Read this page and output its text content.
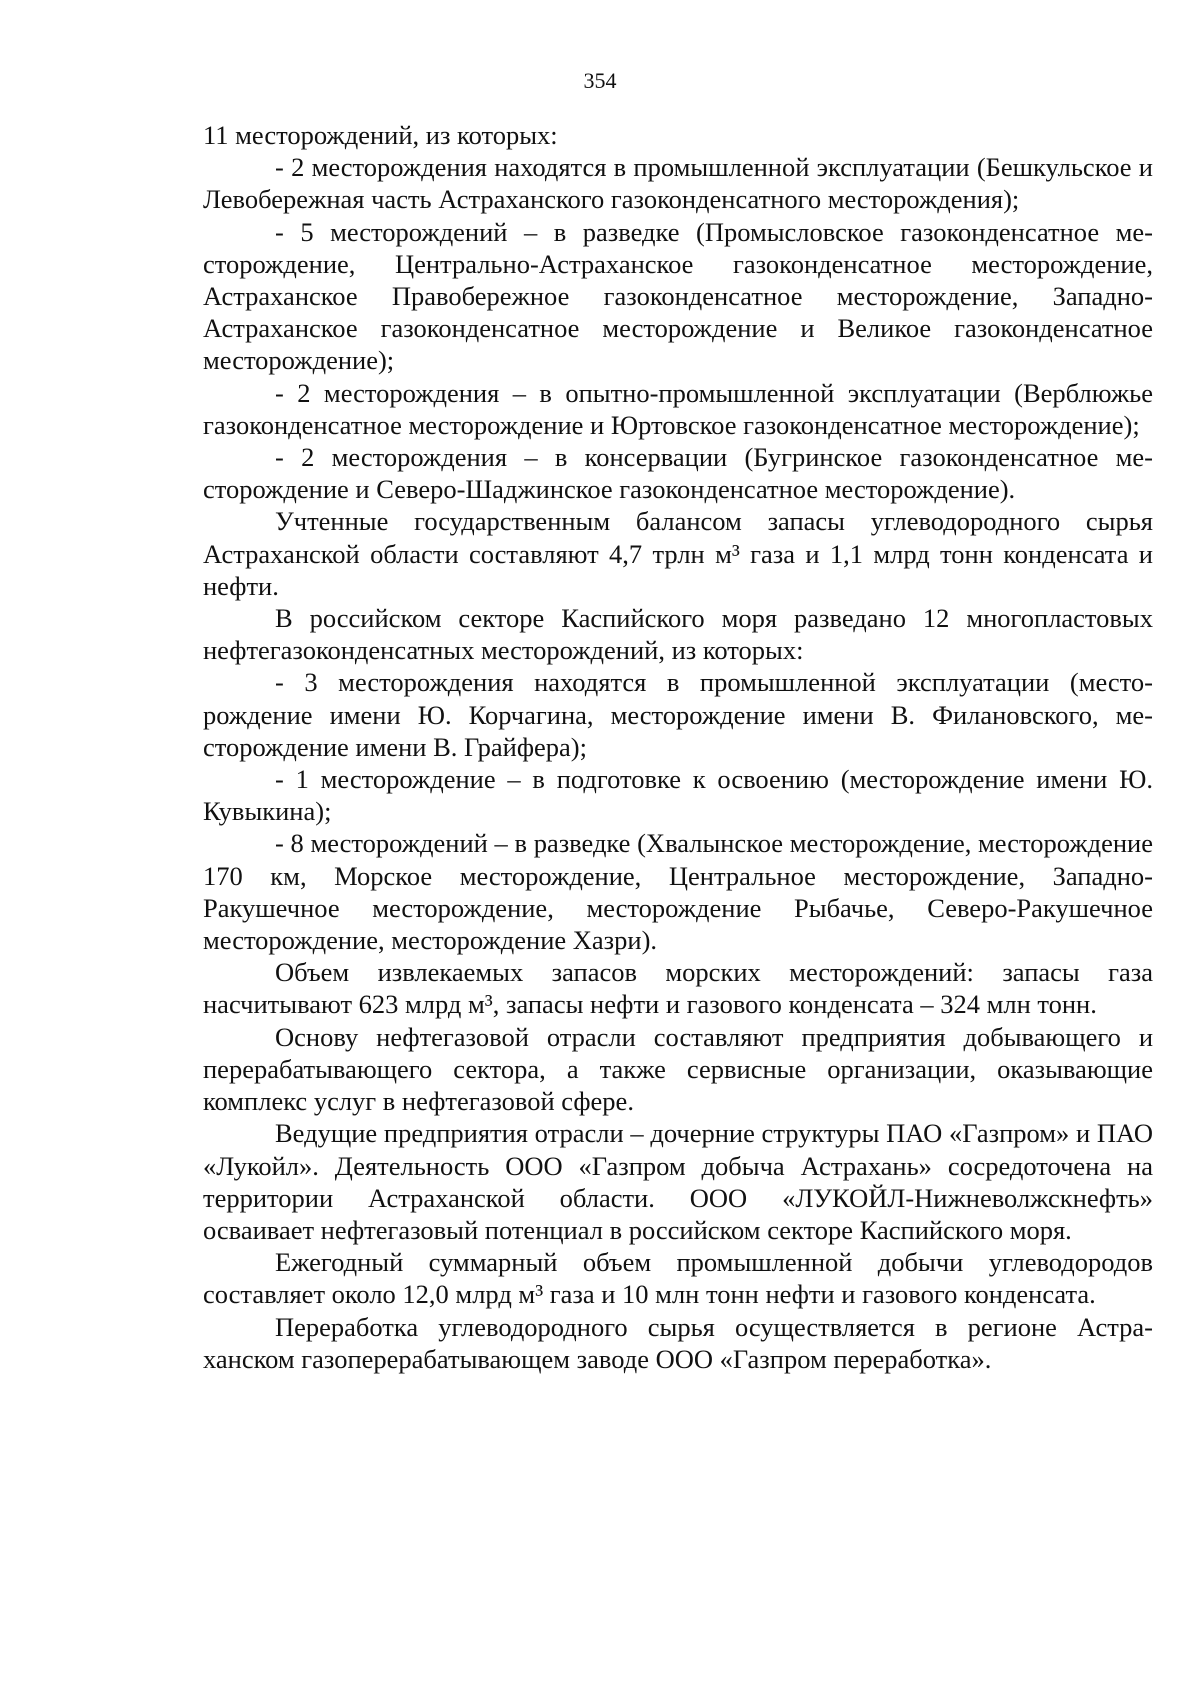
354

11 месторождений, из которых:

- 2 месторождения находятся в промышленной эксплуатации (Бешкульское и Левобережная часть Астраханского газоконденсатного месторождения);

- 5 месторождений – в разведке (Промысловское газоконденсатное месторождение, Центрально-Астраханское газоконденсатное месторождение, Астраханское Правобережное газоконденсатное месторождение, Западно-Астраханское газоконденсатное месторождение и Великое газоконденсатное месторождение);

- 2 месторождения – в опытно-промышленной эксплуатации (Верблюжье газоконденсатное месторождение и Юртовское газоконденсатное месторождение);

- 2 месторождения – в консервации (Бугринское газоконденсатное месторождение и Северо-Шаджинское газоконденсатное месторождение).

Учтенные государственным балансом запасы углеводородного сырья Астраханской области составляют 4,7 трлн м³ газа и 1,1 млрд тонн конденсата и нефти.

В российском секторе Каспийского моря разведано 12 многопластовых нефтегазоконденсатных месторождений, из которых:

- 3 месторождения находятся в промышленной эксплуатации (месторождение имени Ю. Корчагина, месторождение имени В. Филановского, месторождение имени В. Грайфера);

- 1 месторождение – в подготовке к освоению (месторождение имени Ю. Кувыкина);

- 8 месторождений – в разведке (Хвалынское месторождение, месторождение 170 км, Морское месторождение, Центральное месторождение, Западно-Ракушечное месторождение, месторождение Рыбачье, Северо-Ракушечное месторождение, месторождение Хазри).

Объем извлекаемых запасов морских месторождений: запасы газа насчитывают 623 млрд м³, запасы нефти и газового конденсата – 324 млн тонн.

Основу нефтегазовой отрасли составляют предприятия добывающего и перерабатывающего сектора, а также сервисные организации, оказывающие комплекс услуг в нефтегазовой сфере.

Ведущие предприятия отрасли – дочерние структуры ПАО «Газпром» и ПАО «Лукойл». Деятельность ООО «Газпром добыча Астрахань» сосредоточена на территории Астраханской области. ООО «ЛУКОЙЛ-Нижневолжскнефть» осваивает нефтегазовый потенциал в российском секторе Каспийского моря.

Ежегодный суммарный объем промышленной добычи углеводородов составляет около 12,0 млрд м³ газа и 10 млн тонн нефти и газового конденсата.

Переработка углеводородного сырья осуществляется в регионе Астраханском газоперерабатывающем заводе ООО «Газпром переработка».
